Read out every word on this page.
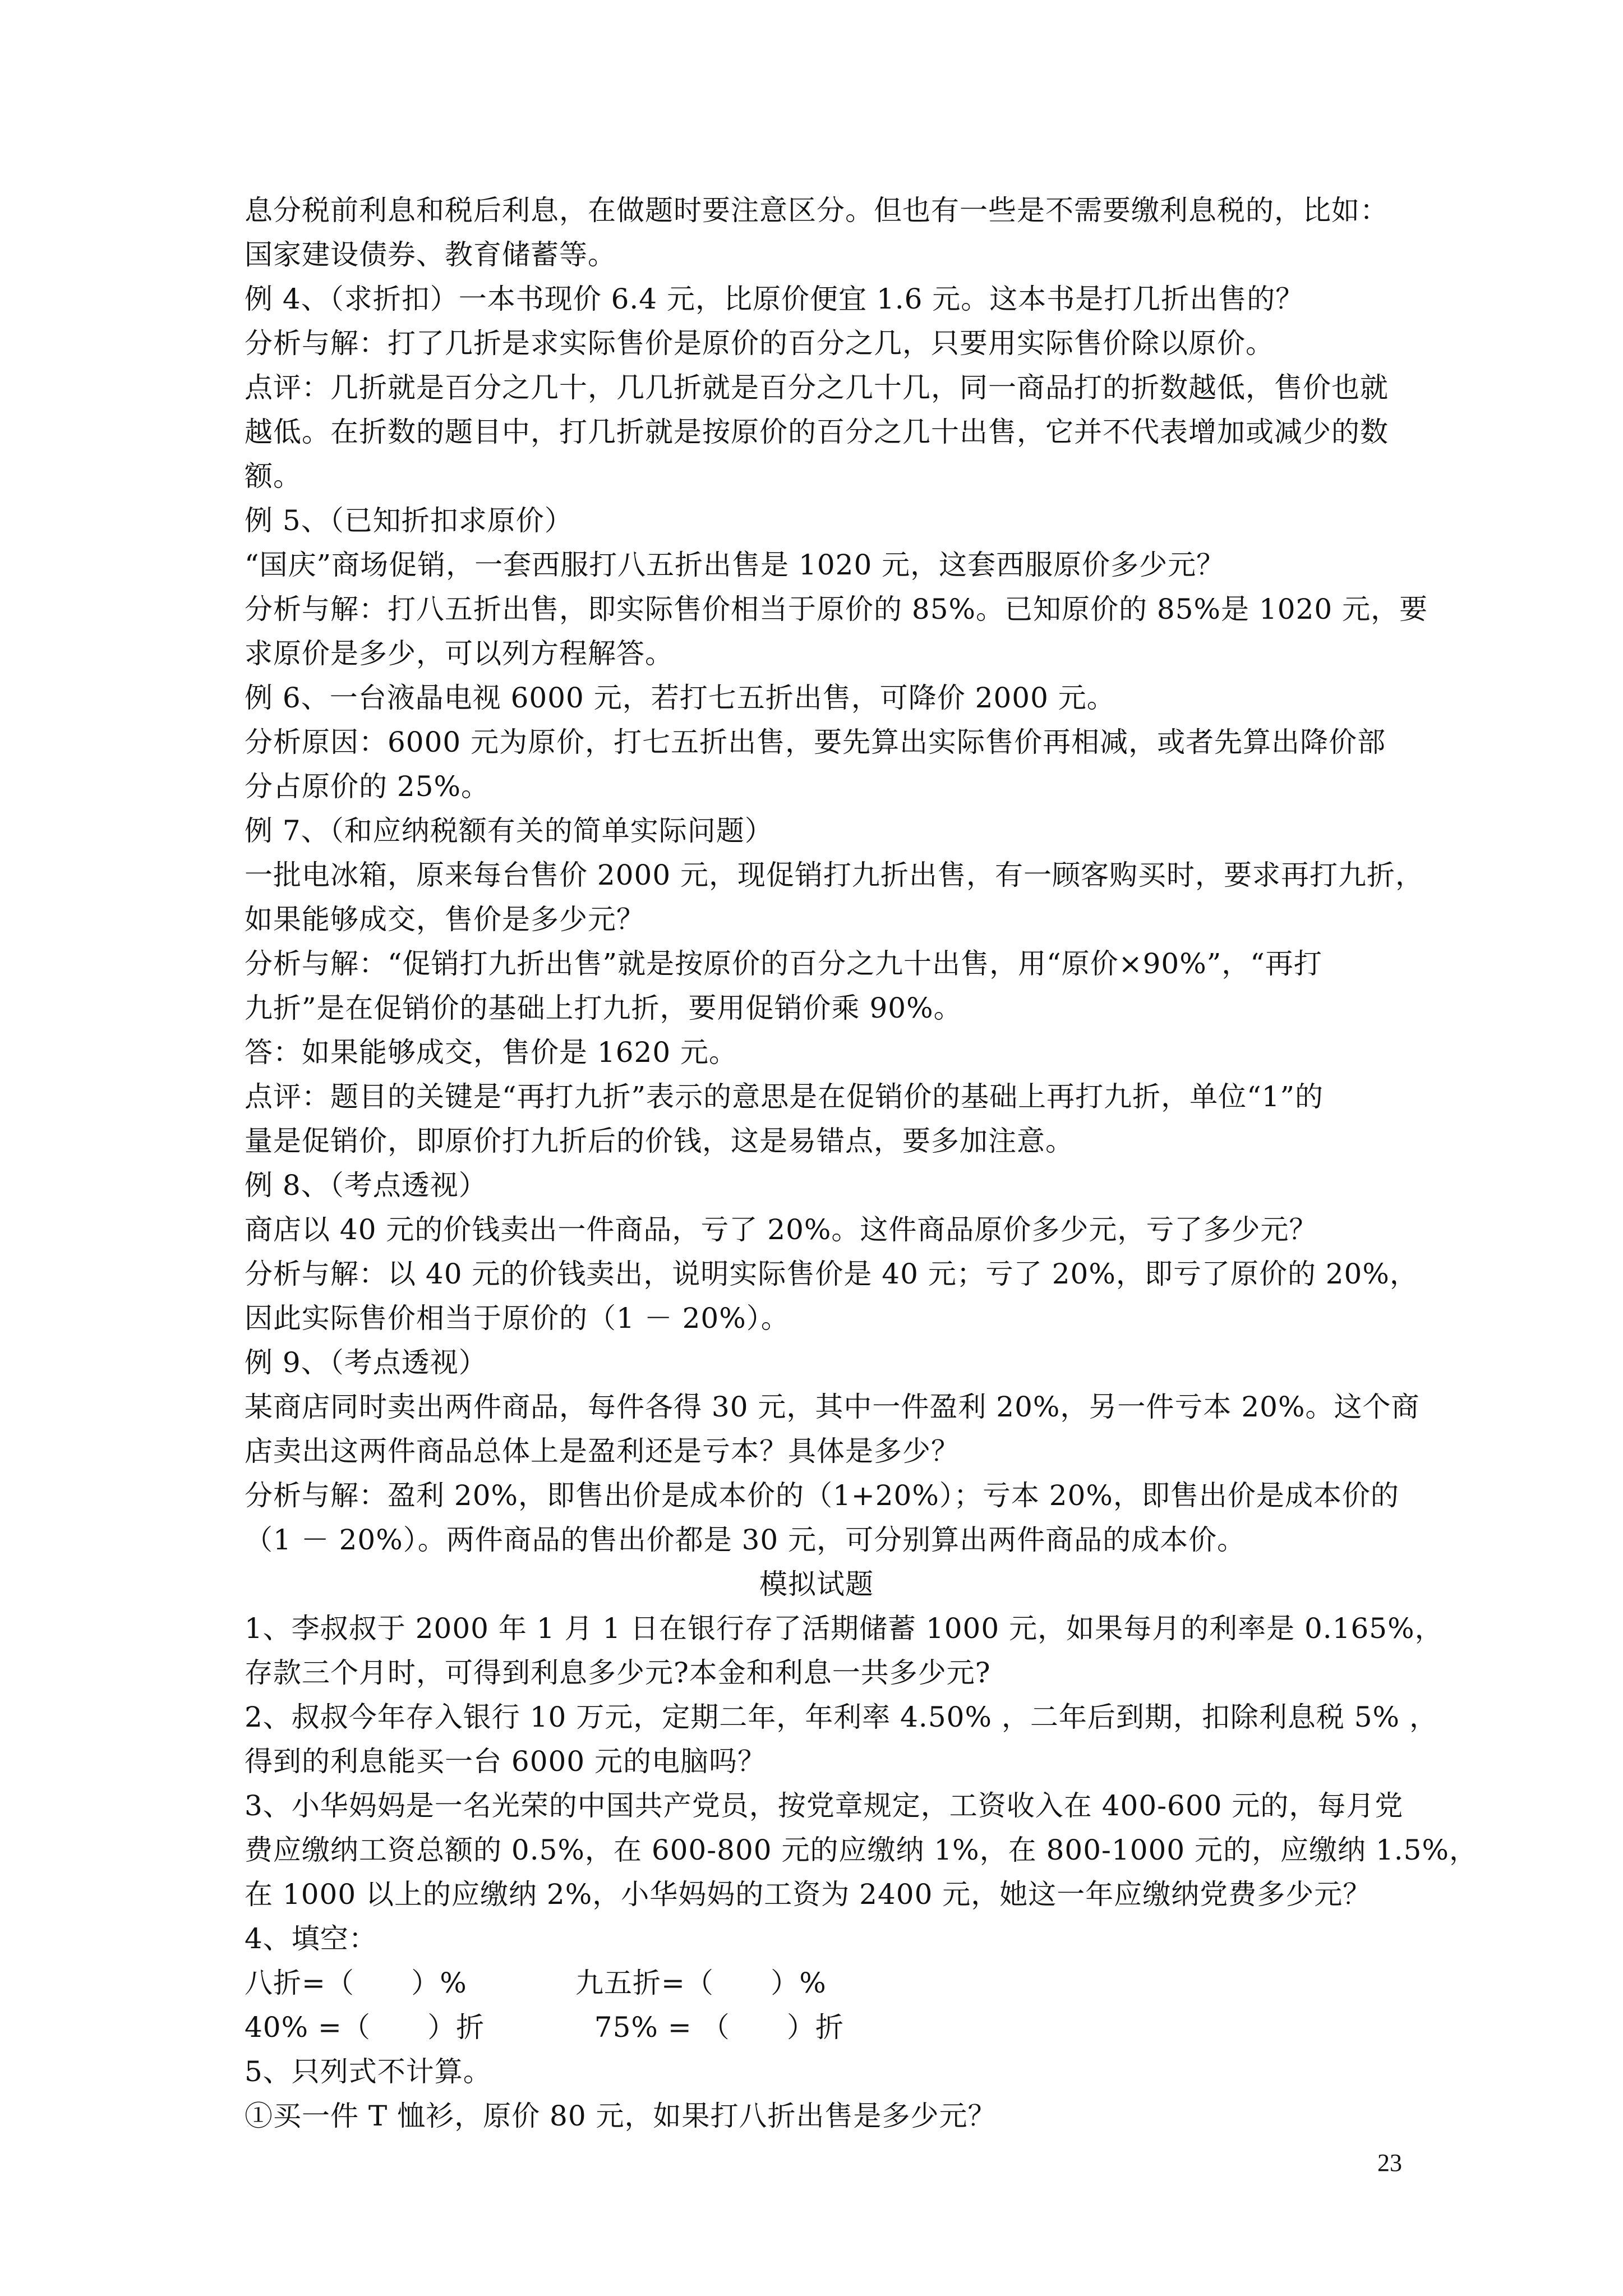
息分税前利息和税后利息，在做题时要注意区分。但也有一些是不需要缴利息税的，比如：
国家建设债券、教育储蓄等。
例 4、（求折扣）一本书现价 6.4 元，比原价便宜 1.6 元。这本书是打几折出售的？
分析与解：打了几折是求实际售价是原价的百分之几，只要用实际售价除以原价。
点评：几折就是百分之几十，几几折就是百分之几十几，同一商品打的折数越低，售价也就
越低。在折数的题目中，打几折就是按原价的百分之几十出售，它并不代表增加或减少的数
额。
例 5、（已知折扣求原价）
“国庆”商场促销，一套西服打八五折出售是 1020 元，这套西服原价多少元？
分析与解：打八五折出售，即实际售价相当于原价的 85%。已知原价的 85%是 1020 元，要
求原价是多少，可以列方程解答。
例 6、一台液晶电视 6000 元，若打七五折出售，可降价 2000 元。
分析原因：6000 元为原价，打七五折出售，要先算出实际售价再相减，或者先算出降价部
分占原价的 25%。
例 7、（和应纳税额有关的简单实际问题）
一批电冰箱，原来每台售价 2000 元，现促销打九折出售，有一顾客购买时，要求再打九折，
如果能够成交，售价是多少元？
分析与解：“促销打九折出售”就是按原价的百分之九十出售，用“原价×90%”，“再打
九折”是在促销价的基础上打九折，要用促销价乘 90%。
答：如果能够成交，售价是 1620 元。
点评：题目的关键是“再打九折”表示的意思是在促销价的基础上再打九折，单位“1”的
量是促销价，即原价打九折后的价钱，这是易错点，要多加注意。
例 8、（考点透视）
商店以 40 元的价钱卖出一件商品，亏了 20%。这件商品原价多少元，亏了多少元？
分析与解：以 40 元的价钱卖出，说明实际售价是 40 元；亏了 20%，即亏了原价的 20%，
因此实际售价相当于原价的（1 － 20%）。
例 9、（考点透视）
某商店同时卖出两件商品，每件各得 30 元，其中一件盈利 20%，另一件亏本 20%。这个商
店卖出这两件商品总体上是盈利还是亏本？具体是多少？
分析与解：盈利 20%，即售出价是成本价的（1+20%）；亏本 20%，即售出价是成本价的
（1 － 20%）。两件商品的售出价都是 30 元，可分别算出两件商品的成本价。
模拟试题
1、李叔叔于 2000 年 1 月 1 日在银行存了活期储蓄 1000 元，如果每月的利率是 0.165%，
存款三个月时，可得到利息多少元?本金和利息一共多少元?
2、叔叔今年存入银行 10 万元，定期二年，年利率 4.50% ，二年后到期，扣除利息税 5% ，
得到的利息能买一台 6000 元的电脑吗？
3、小华妈妈是一名光荣的中国共产党员，按党章规定，工资收入在 400-600 元的，每月党
费应缴纳工资总额的 0.5%，在 600-800 元的应缴纳 1%，在 800-1000 元的，应缴纳 1.5%，
在 1000 以上的应缴纳 2%，小华妈妈的工资为 2400 元，她这一年应缴纳党费多少元？
4、填空：
八折=（      ）%	九五折=（      ）%
40% =（      ）折	75% = （      ）折
5、只列式不计算。
①买一件 T 恤衫，原价 80 元，如果打八折出售是多少元？
23
